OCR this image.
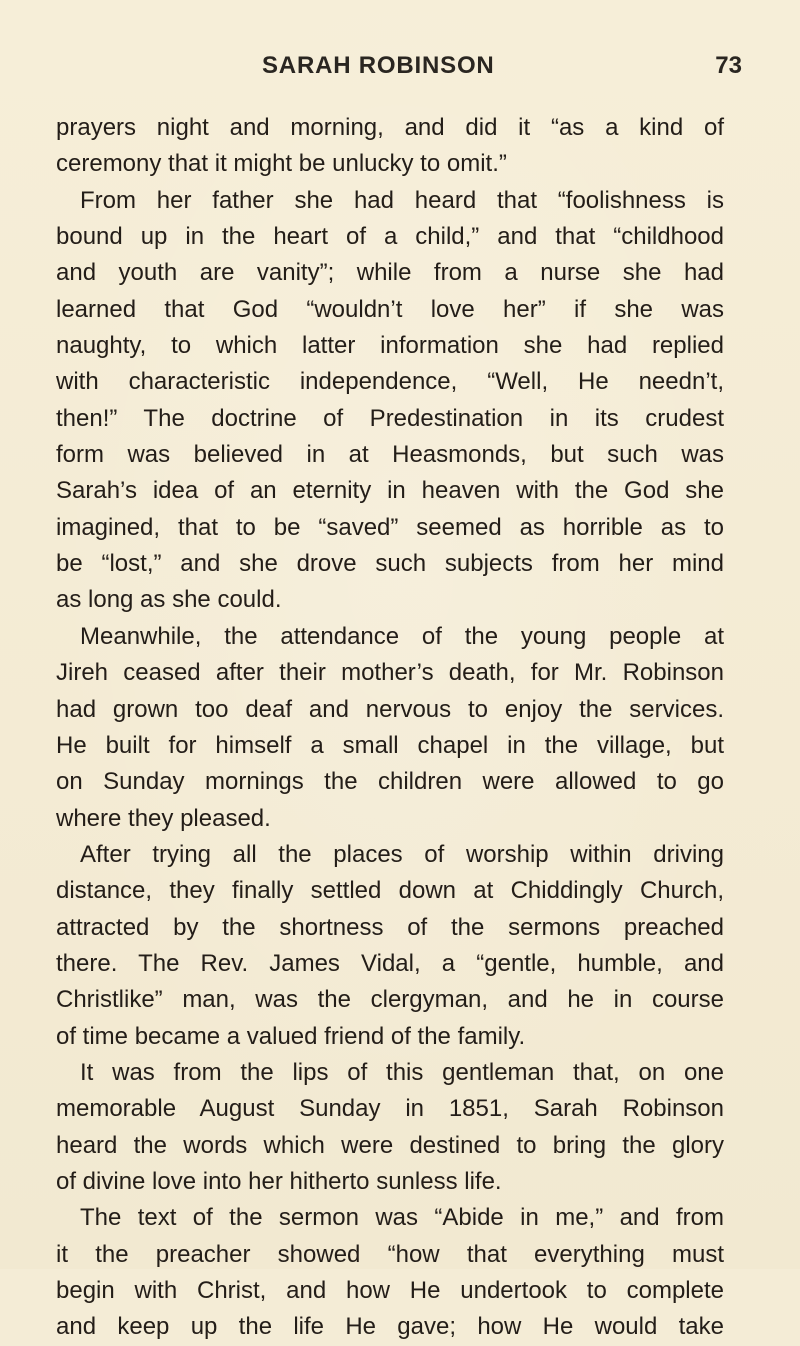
SARAH ROBINSON	73

prayers night and morning, and did it “as a kind of

ceremony that it might be unlucky to omit.”

From her father she had heard that “foolishness is

bound up in the heart of a child,” and that “childhood

and youth are vanity”; while from a nurse she had

learned that God “wouldn’t love her” if she was

naughty, to which latter information she had replied

with characteristic independence, “Well, He needn’t,

then!” The doctrine of Predestination in its crudest

form was believed in at Heasmonds, but such was

Sarah’s idea of an eternity in heaven with the God she

imagined, that to be “saved” seemed as horrible as to

be “lost,” and she drove such subjects from her mind

as long as she could.

Meanwhile, the attendance of the young people at

Jireh ceased after their mother’s death, for Mr. Robinson

had grown too deaf and nervous to enjoy the services.

He built for himself a small chapel in the village, but

on Sunday mornings the children were allowed to go

where they pleased.

After trying all the places of worship within driving

distance, they finally settled down at Chiddingly Church,

attracted by the shortness of the sermons preached

there. The Rev. James Vidal, a “gentle, humble, and

Christlike” man, was the clergyman, and he in course

of time became a valued friend of the family.

It was from the lips of this gentleman that, on one

memorable August Sunday in 1851, Sarah Robinson

heard the words which were destined to bring the glory

of divine love into her hitherto sunless life.

The text of the sermon was “Abide in me,” and from

it the preacher showed “how that everything must

begin with Christ, and how He undertook to complete

and keep up the life He gave; how He would take
